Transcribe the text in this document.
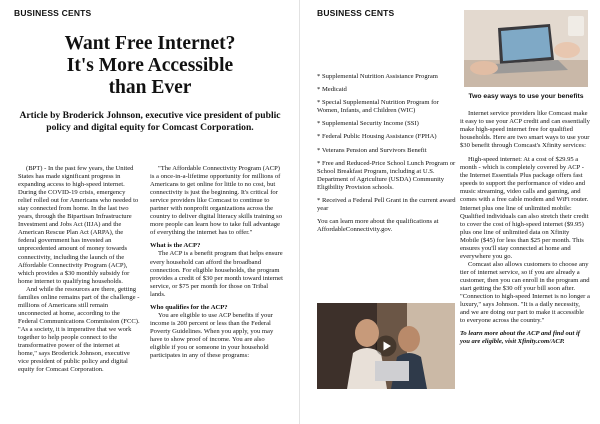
BUSINESS CENTS
Want Free Internet?
It's More Accessible
than Ever
Article by Broderick Johnson, executive vice president of public policy and digital equity for Comcast Corporation.

(BPT) - In the past few years, the United States has made significant progress in expanding access to high-speed internet. During the COVID-19 crisis, emergency relief rolled out for Americans who needed to stay connected from home. In the last two years, through the Bipartisan Infrastructure Investment and Jobs Act (IIJA) and the American Rescue Plan Act (ARPA), the federal government has invested an unprecedented amount of money towards connectivity, including the launch of the Affordable Connectivity Program (ACP), which provides a $30 monthly subsidy for home internet to qualifying households.

And while the resources are there, getting families online remains part of the challenge - millions of Americans still remain unconnected at home, according to the Federal Communications Commission (FCC). "As a society, it is imperative that we work together to help people connect to the transformative power of the internet at home," says Broderick Johnson, executive vice president of public policy and digital equity for Comcast Corporation.

"The Affordable Connectivity Program (ACP) is a once-in-a-lifetime opportunity for millions of Americans to get online for little to no cost, but connectivity is just the beginning. It's critical for service providers like Comcast to continue to partner with nonprofit organizations across the country to deliver digital literacy skills training so more people can learn how to take full advantage of everything the internet has to offer."

What is the ACP?

The ACP is a benefit program that helps ensure every household can afford the broadband connection. For eligible households, the program provides a credit of $30 per month toward internet service, or $75 per month for those on Tribal lands.

Who qualifies for the ACP?

You are eligible to use ACP benefits if your income is 200 percent or less than the Federal Poverty Guidelines. When you apply, you may have to show proof of income. You are also eligible if you or someone in your household participates in any of these programs:

BUSINESS CENTS

* Supplemental Nutrition Assistance Program

* Medicaid

* Special Supplemental Nutrition Program for Women, Infants, and Children (WIC)

* Supplemental Security Income (SSI)

* Federal Public Housing Assistance (FPHA)

* Veterans Pension and Survivors Benefit

* Free and Reduced-Price School Lunch Program or School Breakfast Program, including at U.S. Department of Agriculture (USDA) Community Eligibility Provision schools.

* Received a Federal Pell Grant in the current award year

You can learn more about the qualifications at AffordableConnectivity.gov.

Two easy ways to use your benefits

Internet service providers like Comcast make it easy to use your ACP credit and can essentially make high-speed internet free for qualified households. Here are two smart ways to use your $30 benefit through Comcast's Xfinity services:

High-speed internet: At a cost of $29.95 a month - which is completely covered by ACP - the Internet Essentials Plus package offers fast speeds to support the performance of video and music streaming, video calls and gaming, and comes with a free cable modem and WiFi router. Internet plus one line of unlimited mobile: Qualified individuals can also stretch their credit to cover the cost of high-speed internet ($9.95) plus one line of unlimited data on Xfinity Mobile ($45) for less than $25 per month. This ensures you'll stay connected at home and everywhere you go.

Comcast also allows customers to choose any tier of internet service, so if you are already a customer, then you can enroll in the program and start getting the $30 off your bill soon after. "Connection to high-speed Internet is no longer a luxury," says Johnson. "It is a daily necessity, and we are doing our part to make it accessible to everyone across the country."

To learn more about the ACP and find out if you are eligible, visit Xfinity.com/ACP.
